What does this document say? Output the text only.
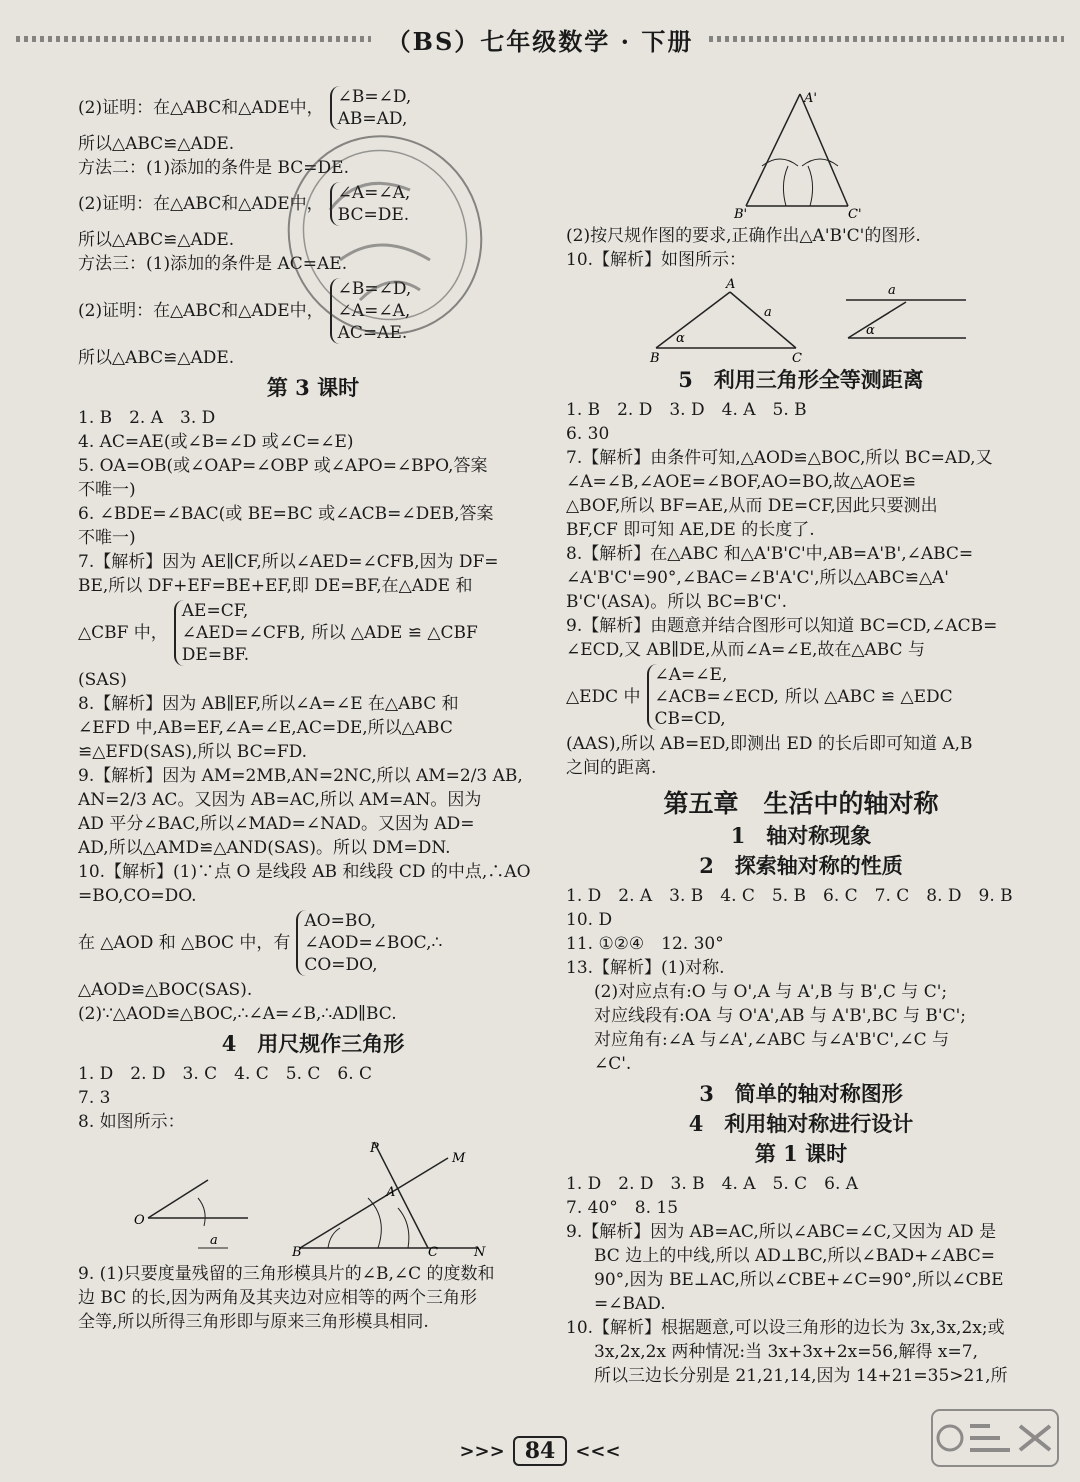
（BS）七年级数学 · 下册
(2)证明：在△ABC和△ADE中，
∠B=∠D,
AB=AD,
所以△ABC≌△ADE.
方法二：(1)添加的条件是 BC=DE.
(2)证明：在△ABC和△ADE中，
∠A=∠A,
BC=DE.
所以△ABC≌△ADE.
方法三：(1)添加的条件是 AC=AE.
(2)证明：在△ABC和△ADE中，
∠B=∠D,
∠A=∠A,
AC=AE.
所以△ABC≌△ADE.
第 3 课时
1. B　2. A　3. D
4. AC=AE(或∠B=∠D 或∠C=∠E)
5. OA=OB(或∠OAP=∠OBP 或∠APO=∠BPO,答案
不唯一)
6. ∠BDE=∠BAC(或 BE=BC 或∠ACB=∠DEB,答案
不唯一)
7.【解析】因为 AE∥CF,所以∠AED=∠CFB,因为 DF=
BE,所以 DF+EF=BE+EF,即 DE=BF,在△ADE 和
△CBF 中，
AE=CF,
∠AED=∠CFB,
DE=BF.
所以 △ADE ≌ △CBF
(SAS)
8.【解析】因为 AB∥EF,所以∠A=∠E 在△ABC 和
∠EFD 中,AB=EF,∠A=∠E,AC=DE,所以△ABC
≌△EFD(SAS),所以 BC=FD.
9.【解析】因为 AM=2MB,AN=2NC,所以 AM=2/3 AB,
AN=2/3 AC。又因为 AB=AC,所以 AM=AN。因为
AD 平分∠BAC,所以∠MAD=∠NAD。又因为 AD=
AD,所以△AMD≌△AND(SAS)。所以 DM=DN.
10.【解析】(1)∵点 O 是线段 AB 和线段 CD 的中点,∴AO
=BO,CO=DO.
在 △AOD 和 △BOC 中，有
AO=BO,
∠AOD=∠BOC,∴
CO=DO,
△AOD≌△BOC(SAS).
(2)∵△AOD≌△BOC,∴∠A=∠B,∴AD∥BC.
4　用尺规作三角形
1. D　2. D　3. C　4. C　5. C　6. C
7. 3
8. 如图所示：
O
a
P
M
A
B	C	N
9. (1)只要度量残留的三角形模具片的∠B,∠C 的度数和
边 BC 的长,因为两角及其夹边对应相等的两个三角形
全等,所以所得三角形即与原来三角形模具相同.
A'
B'	C'
(2)按尺规作图的要求,正确作出△A'B'C'的图形.
10.【解析】如图所示：
A
B	C
a
α
a
α
5　利用三角形全等测距离
1. B　2. D　3. D　4. A　5. B
6. 30
7.【解析】由条件可知,△AOD≌△BOC,所以 BC=AD,又
∠A=∠B,∠AOE=∠BOF,AO=BO,故△AOE≌
△BOF,所以 BF=AE,从而 DE=CF,因此只要测出
BF,CF 即可知 AE,DE 的长度了.
8.【解析】在△ABC 和△A'B'C'中,AB=A'B',∠ABC=
∠A'B'C'=90°,∠BAC=∠B'A'C',所以△ABC≌△A'
B'C'(ASA)。所以 BC=B'C'.
9.【解析】由题意并结合图形可以知道 BC=CD,∠ACB=
∠ECD,又 AB∥DE,从而∠A=∠E,故在△ABC 与
△EDC 中
∠A=∠E,
∠ACB=∠ECD,
CB=CD,
所以 △ABC ≌ △EDC
(AAS),所以 AB=ED,即测出 ED 的长后即可知道 A,B
之间的距离.
第五章　生活中的轴对称
1　轴对称现象
2　探索轴对称的性质
1. D　2. A　3. B　4. C　5. B　6. C　7. C　8. D　9. B
10. D
11. ①②④　12. 30°
13.【解析】(1)对称.
(2)对应点有:O 与 O',A 与 A',B 与 B',C 与 C';
对应线段有:OA 与 O'A',AB 与 A'B',BC 与 B'C';
对应角有:∠A 与∠A',∠ABC 与∠A'B'C',∠C 与
∠C'.
3　简单的轴对称图形
4　利用轴对称进行设计
第 1 课时
1. D　2. D　3. B　4. A　5. C　6. A
7. 40°　8. 15
9.【解析】因为 AB=AC,所以∠ABC=∠C,又因为 AD 是
BC 边上的中线,所以 AD⊥BC,所以∠BAD+∠ABC=
90°,因为 BE⊥AC,所以∠CBE+∠C=90°,所以∠CBE
=∠BAD.
10.【解析】根据题意,可以设三角形的边长为 3x,3x,2x;或
3x,2x,2x 两种情况:当 3x+3x+2x=56,解得 x=7,
所以三边长分别是 21,21,14,因为 14+21=35>21,所
>>> 84	<<<
